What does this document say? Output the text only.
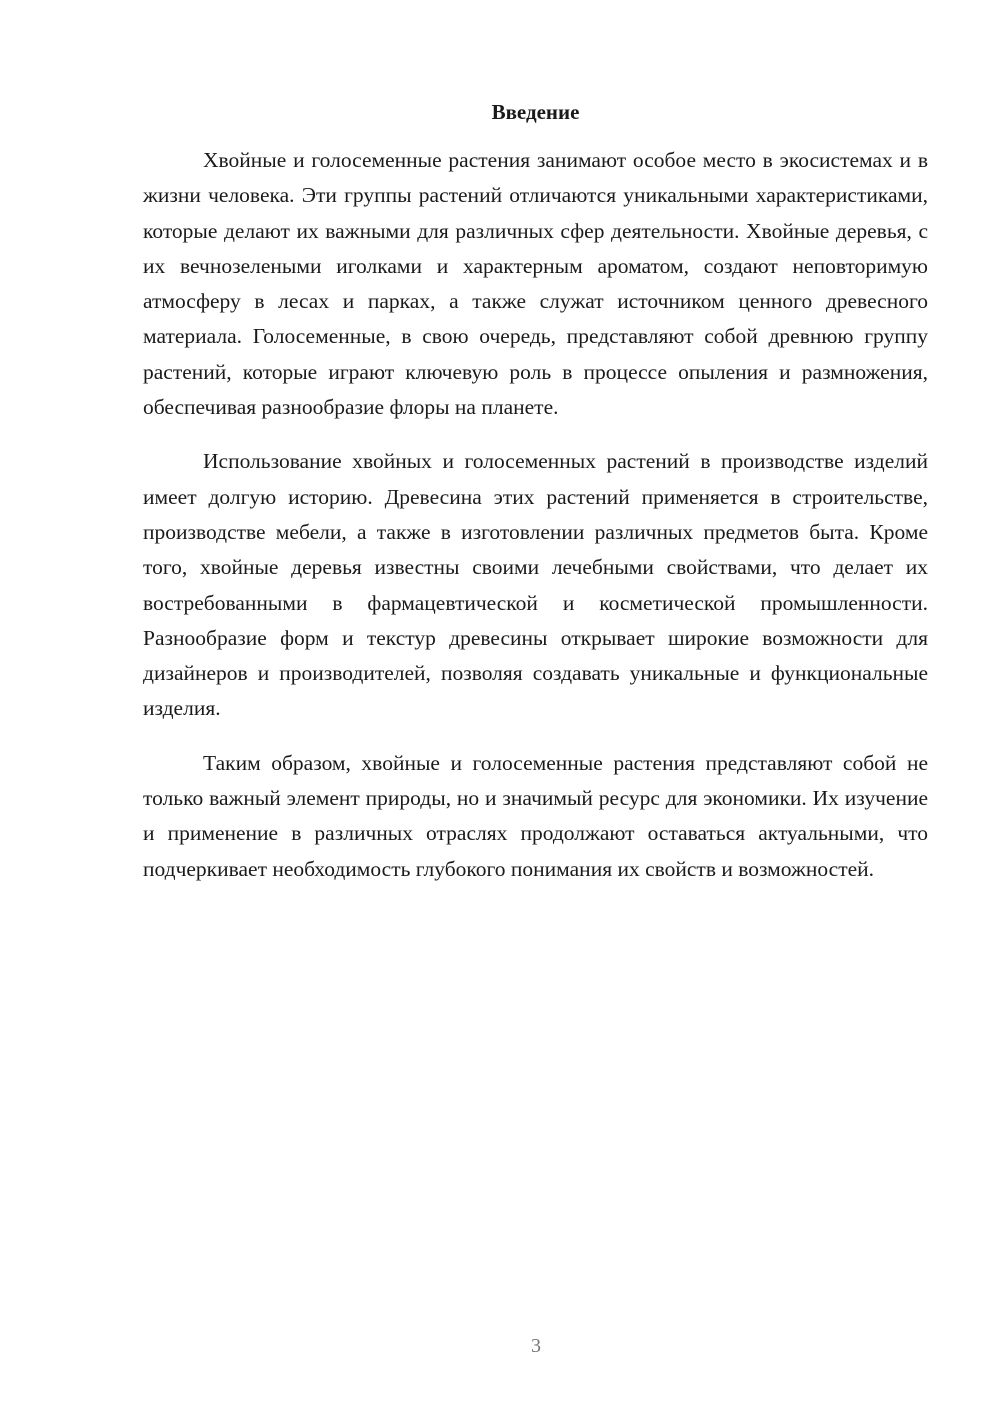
Введение

Хвойные и голосеменные растения занимают особое место в экосистемах и в жизни человека. Эти группы растений отличаются уникальными характеристиками, которые делают их важными для различных сфер деятельности. Хвойные деревья, с их вечнозелеными иголками и характерным ароматом, создают неповторимую атмосферу в лесах и парках, а также служат источником ценного древесного материала. Голосеменные, в свою очередь, представляют собой древнюю группу растений, которые играют ключевую роль в процессе опыления и размножения, обеспечивая разнообразие флоры на планете.

Использование хвойных и голосеменных растений в производстве изделий имеет долгую историю. Древесина этих растений применяется в строительстве, производстве мебели, а также в изготовлении различных предметов быта. Кроме того, хвойные деревья известны своими лечебными свойствами, что делает их востребованными в фармацевтической и косметической промышленности. Разнообразие форм и текстур древесины открывает широкие возможности для дизайнеров и производителей, позволяя создавать уникальные и функциональные изделия.

Таким образом, хвойные и голосеменные растения представляют собой не только важный элемент природы, но и значимый ресурс для экономики. Их изучение и применение в различных отраслях продолжают оставаться актуальными, что подчеркивает необходимость глубокого понимания их свойств и возможностей.

3
